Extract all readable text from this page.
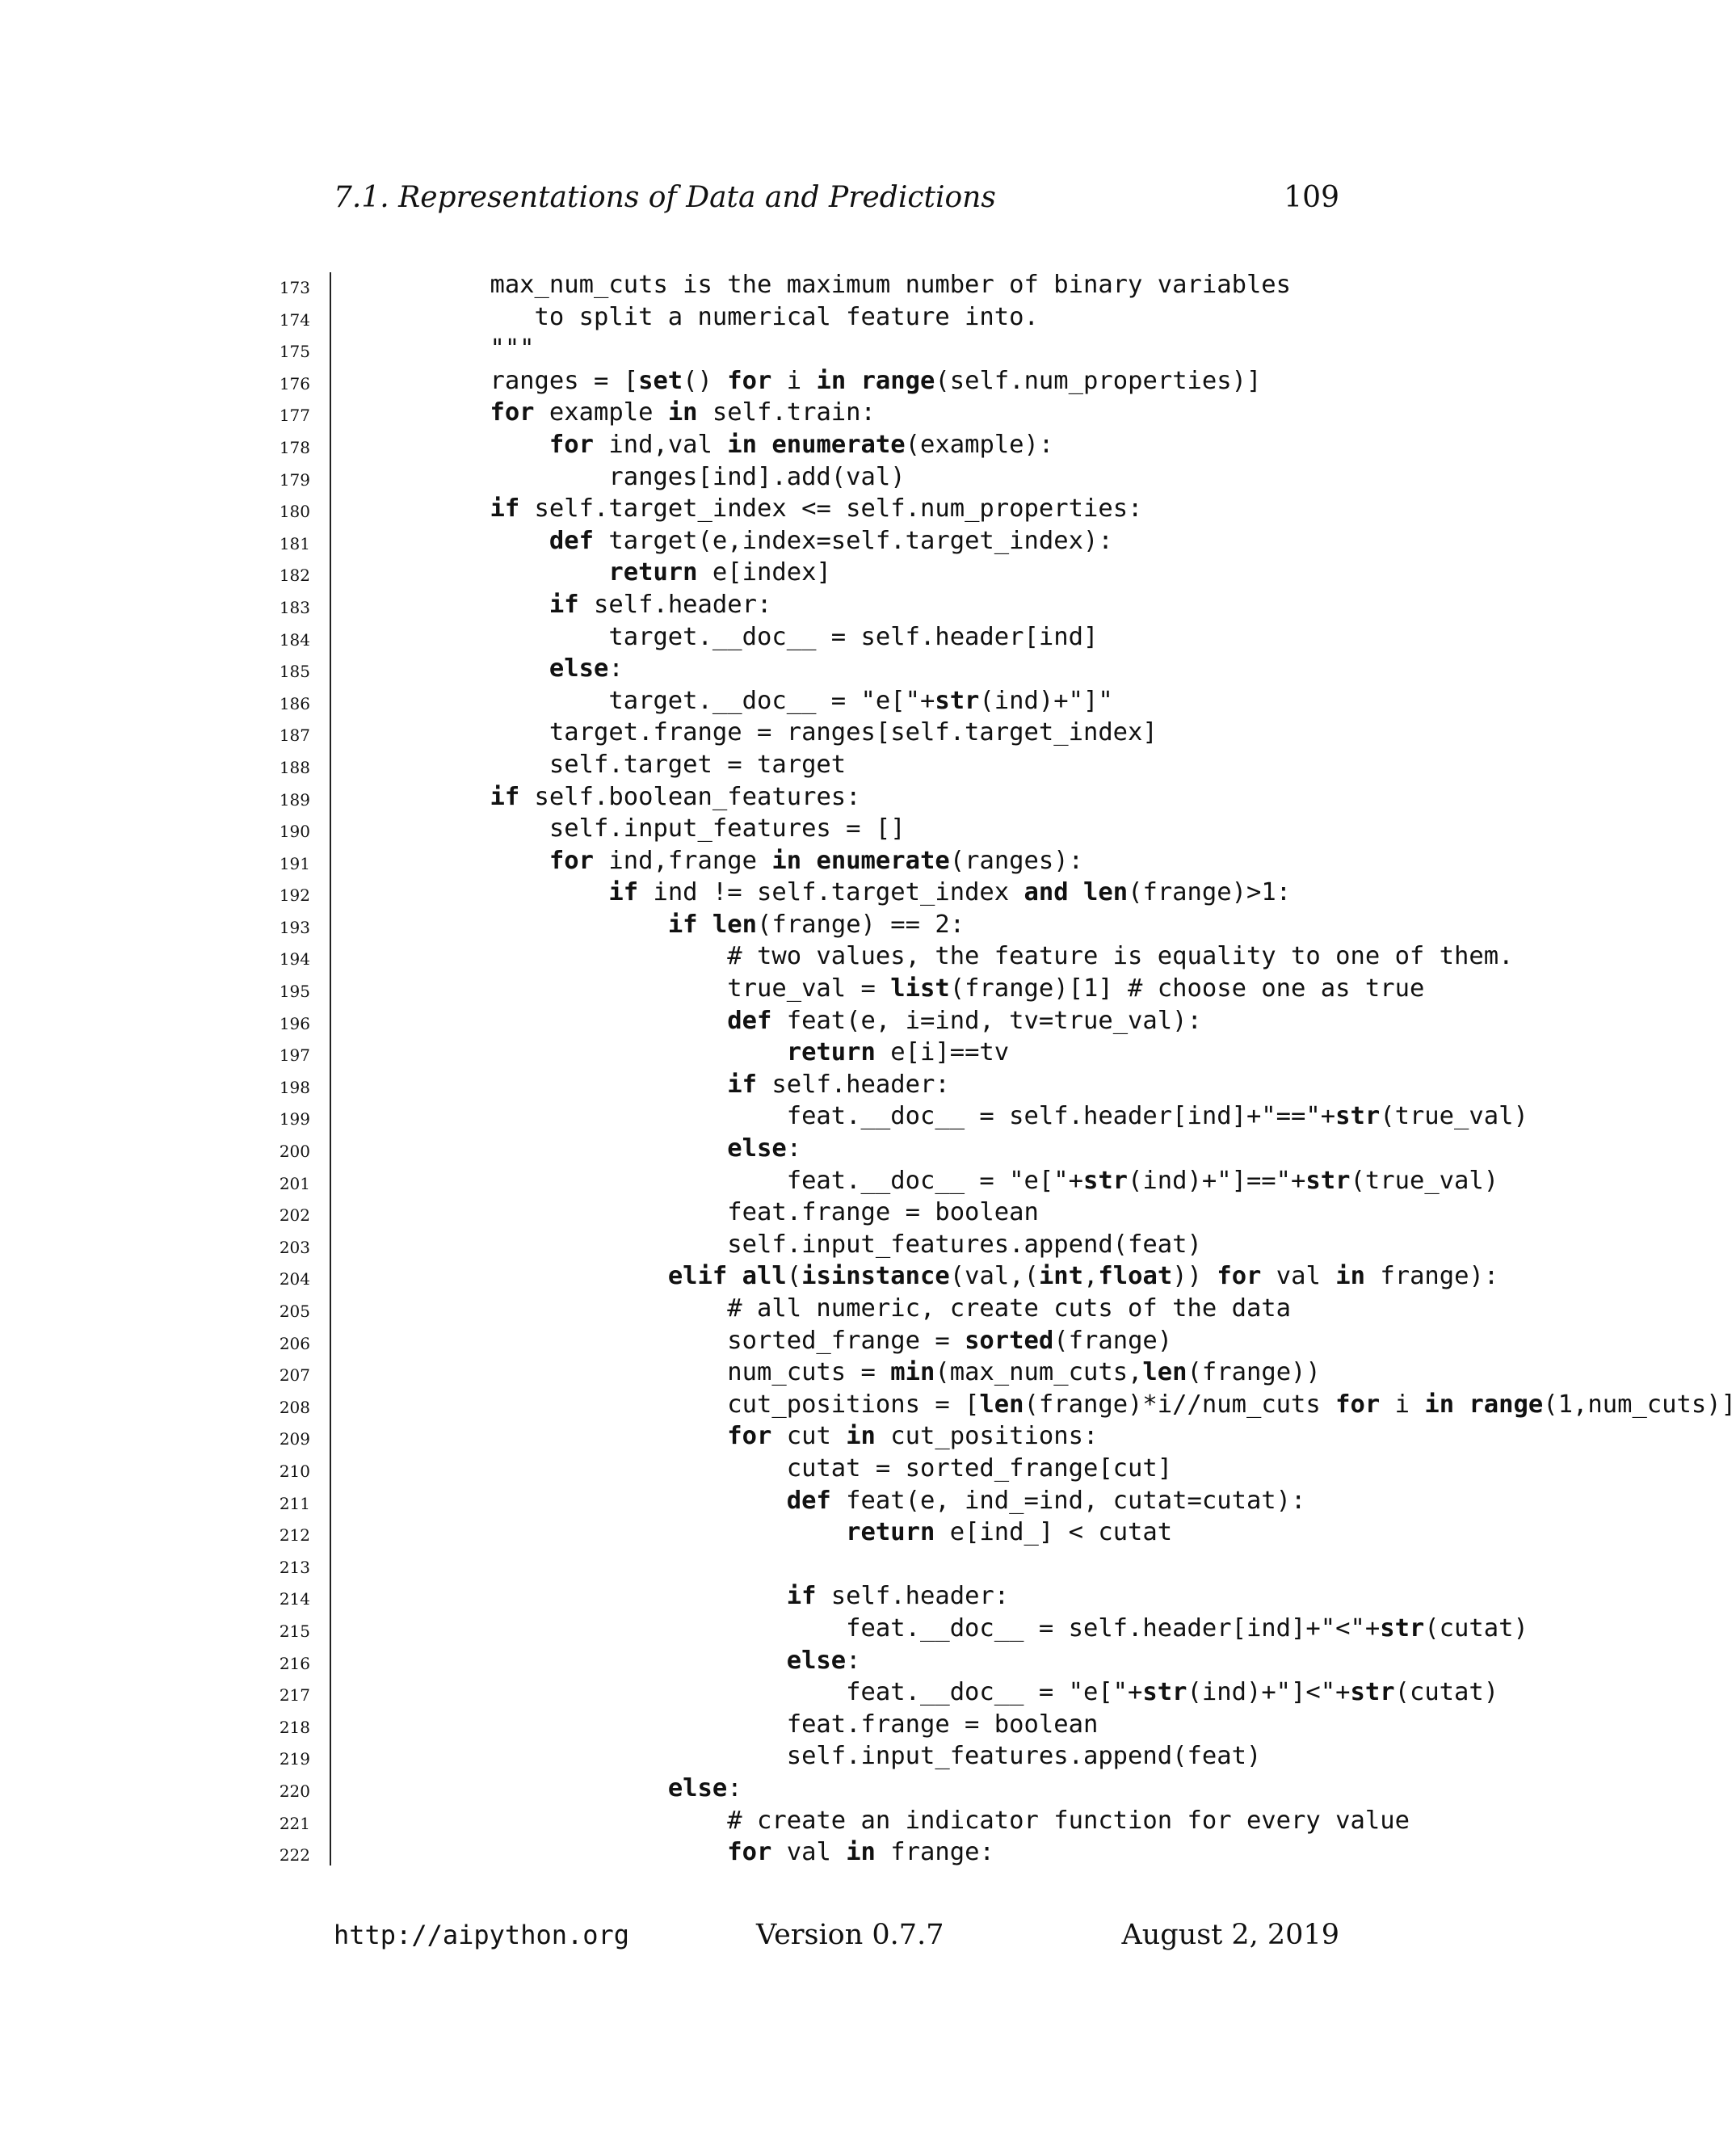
7.1. Representations of Data and Predictions	109
173	max_num_cuts is the maximum number of binary variables
174	to split a numerical feature into.
175	"""
176	ranges = [set() for i in range(self.num_properties)]
177	for example in self.train:
178	for ind,val in enumerate(example):
179	ranges[ind].add(val)
180	if self.target_index <= self.num_properties:
181	def target(e,index=self.target_index):
182	return e[index]
183	if self.header:
184	target.__doc__ = self.header[ind]
185	else:
186	target.__doc__ = "e["+str(ind)+"]"
187	target.frange = ranges[self.target_index]
188	self.target = target
189	if self.boolean_features:
190	self.input_features = []
191	for ind,frange in enumerate(ranges):
192	if ind != self.target_index and len(frange)>1:
193	if len(frange) == 2:
194	# two values, the feature is equality to one of them.
195	true_val = list(frange)[1] # choose one as true
196	def feat(e, i=ind, tv=true_val):
197	return e[i]==tv
198	if self.header:
199	feat.__doc__ = self.header[ind]+"=="+str(true_val)
200	else:
201	feat.__doc__ = "e["+str(ind)+"]=="+str(true_val)
202	feat.frange = boolean
203	self.input_features.append(feat)
204	elif all(isinstance(val,(int,float)) for val in frange):
205	# all numeric, create cuts of the data
206	sorted_frange = sorted(frange)
207	num_cuts = min(max_num_cuts,len(frange))
208	cut_positions = [len(frange)*i//num_cuts for i in range(1,num_cuts)]
209	for cut in cut_positions:
210	cutat = sorted_frange[cut]
211	def feat(e, ind_=ind, cutat=cutat):
212	return e[ind_] < cutat
213
214	if self.header:
215	feat.__doc__ = self.header[ind]+"<"+str(cutat)
216	else:
217	feat.__doc__ = "e["+str(ind)+"]<"+str(cutat)
218	feat.frange = boolean
219	self.input_features.append(feat)
220	else:
221	# create an indicator function for every value
222	for val in frange:
http://aipython.org	Version 0.7.7	August 2, 2019
